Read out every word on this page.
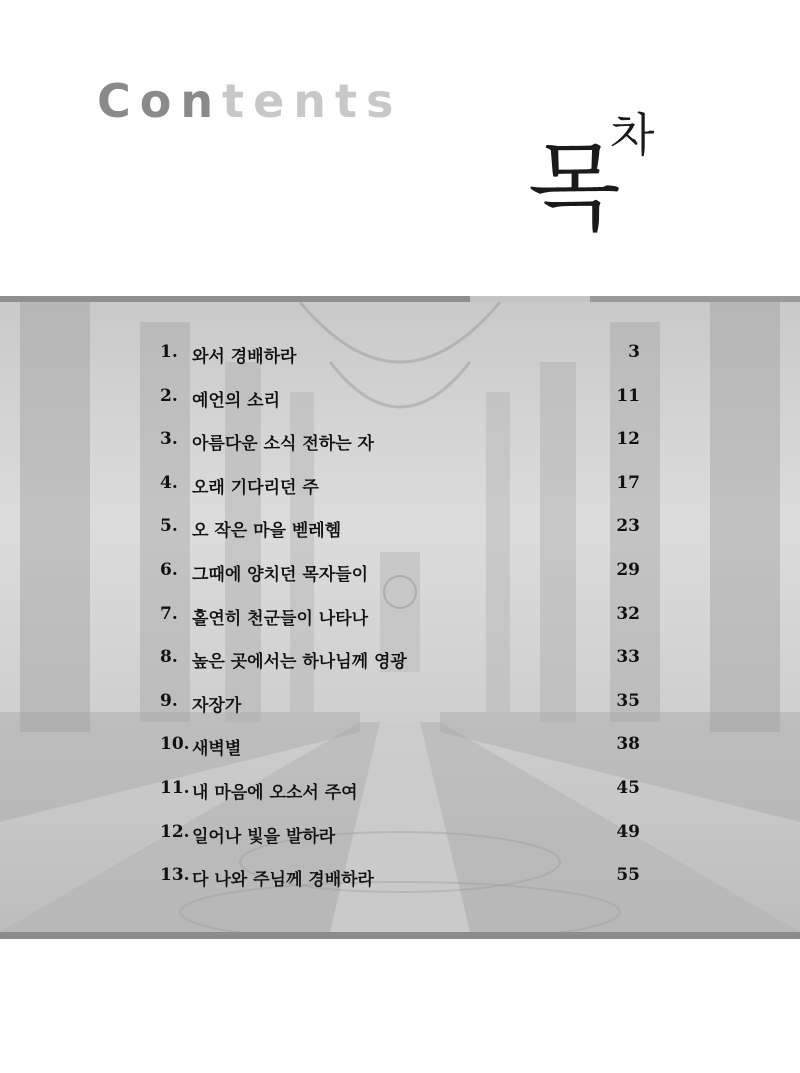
Contents
목
차
1. 와서 경배하라	3
2. 예언의 소리	11
3. 아름다운 소식 전하는 자	12
4. 오래 기다리던 주	17
5. 오 작은 마을 벧레헴	23
6. 그때에 양치던 목자들이	29
7. 홀연히 천군들이 나타나	32
8. 높은 곳에서는 하나님께 영광	33
9. 자장가	35
10. 새벽별	38
11. 내 마음에 오소서 주여	45
12. 일어나 빛을 발하라	49
13. 다 나와 주님께 경배하라	55
